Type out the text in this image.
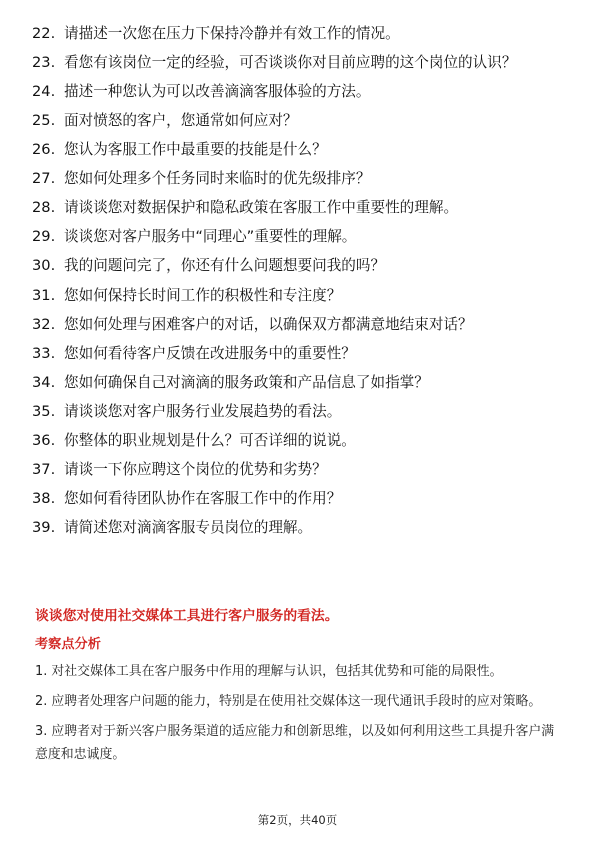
22. 请描述一次您在压力下保持冷静并有效工作的情况。
23. 看您有该岗位一定的经验，可否谈谈你对目前应聘的这个岗位的认识？
24. 描述一种您认为可以改善滴滴客服体验的方法。
25. 面对愤怒的客户，您通常如何应对？
26. 您认为客服工作中最重要的技能是什么？
27. 您如何处理多个任务同时来临时的优先级排序？
28. 请谈谈您对数据保护和隐私政策在客服工作中重要性的理解。
29. 谈谈您对客户服务中“同理心”重要性的理解。
30. 我的问题问完了，你还有什么问题想要问我的吗？
31. 您如何保持长时间工作的积极性和专注度？
32. 您如何处理与困难客户的对话，以确保双方都满意地结束对话？
33. 您如何看待客户反馈在改进服务中的重要性？
34. 您如何确保自己对滴滴的服务政策和产品信息了如指掌？
35. 请谈谈您对客户服务行业发展趋势的看法。
36. 你整体的职业规划是什么？可否详细的说说。
37. 请谈一下你应聘这个岗位的优势和劣势？
38. 您如何看待团队协作在客服工作中的作用？
39. 请简述您对滴滴客服专员岗位的理解。
谈谈您对使用社交媒体工具进行客户服务的看法。
考察点分析
1. 对社交媒体工具在客户服务中作用的理解与认识，包括其优势和可能的局限性。
2. 应聘者处理客户问题的能力，特别是在使用社交媒体这一现代通讯手段时的应对策略。
3. 应聘者对于新兴客户服务渠道的适应能力和创新思维，以及如何利用这些工具提升客户满意度和忠诚度。
第2页，共40页
